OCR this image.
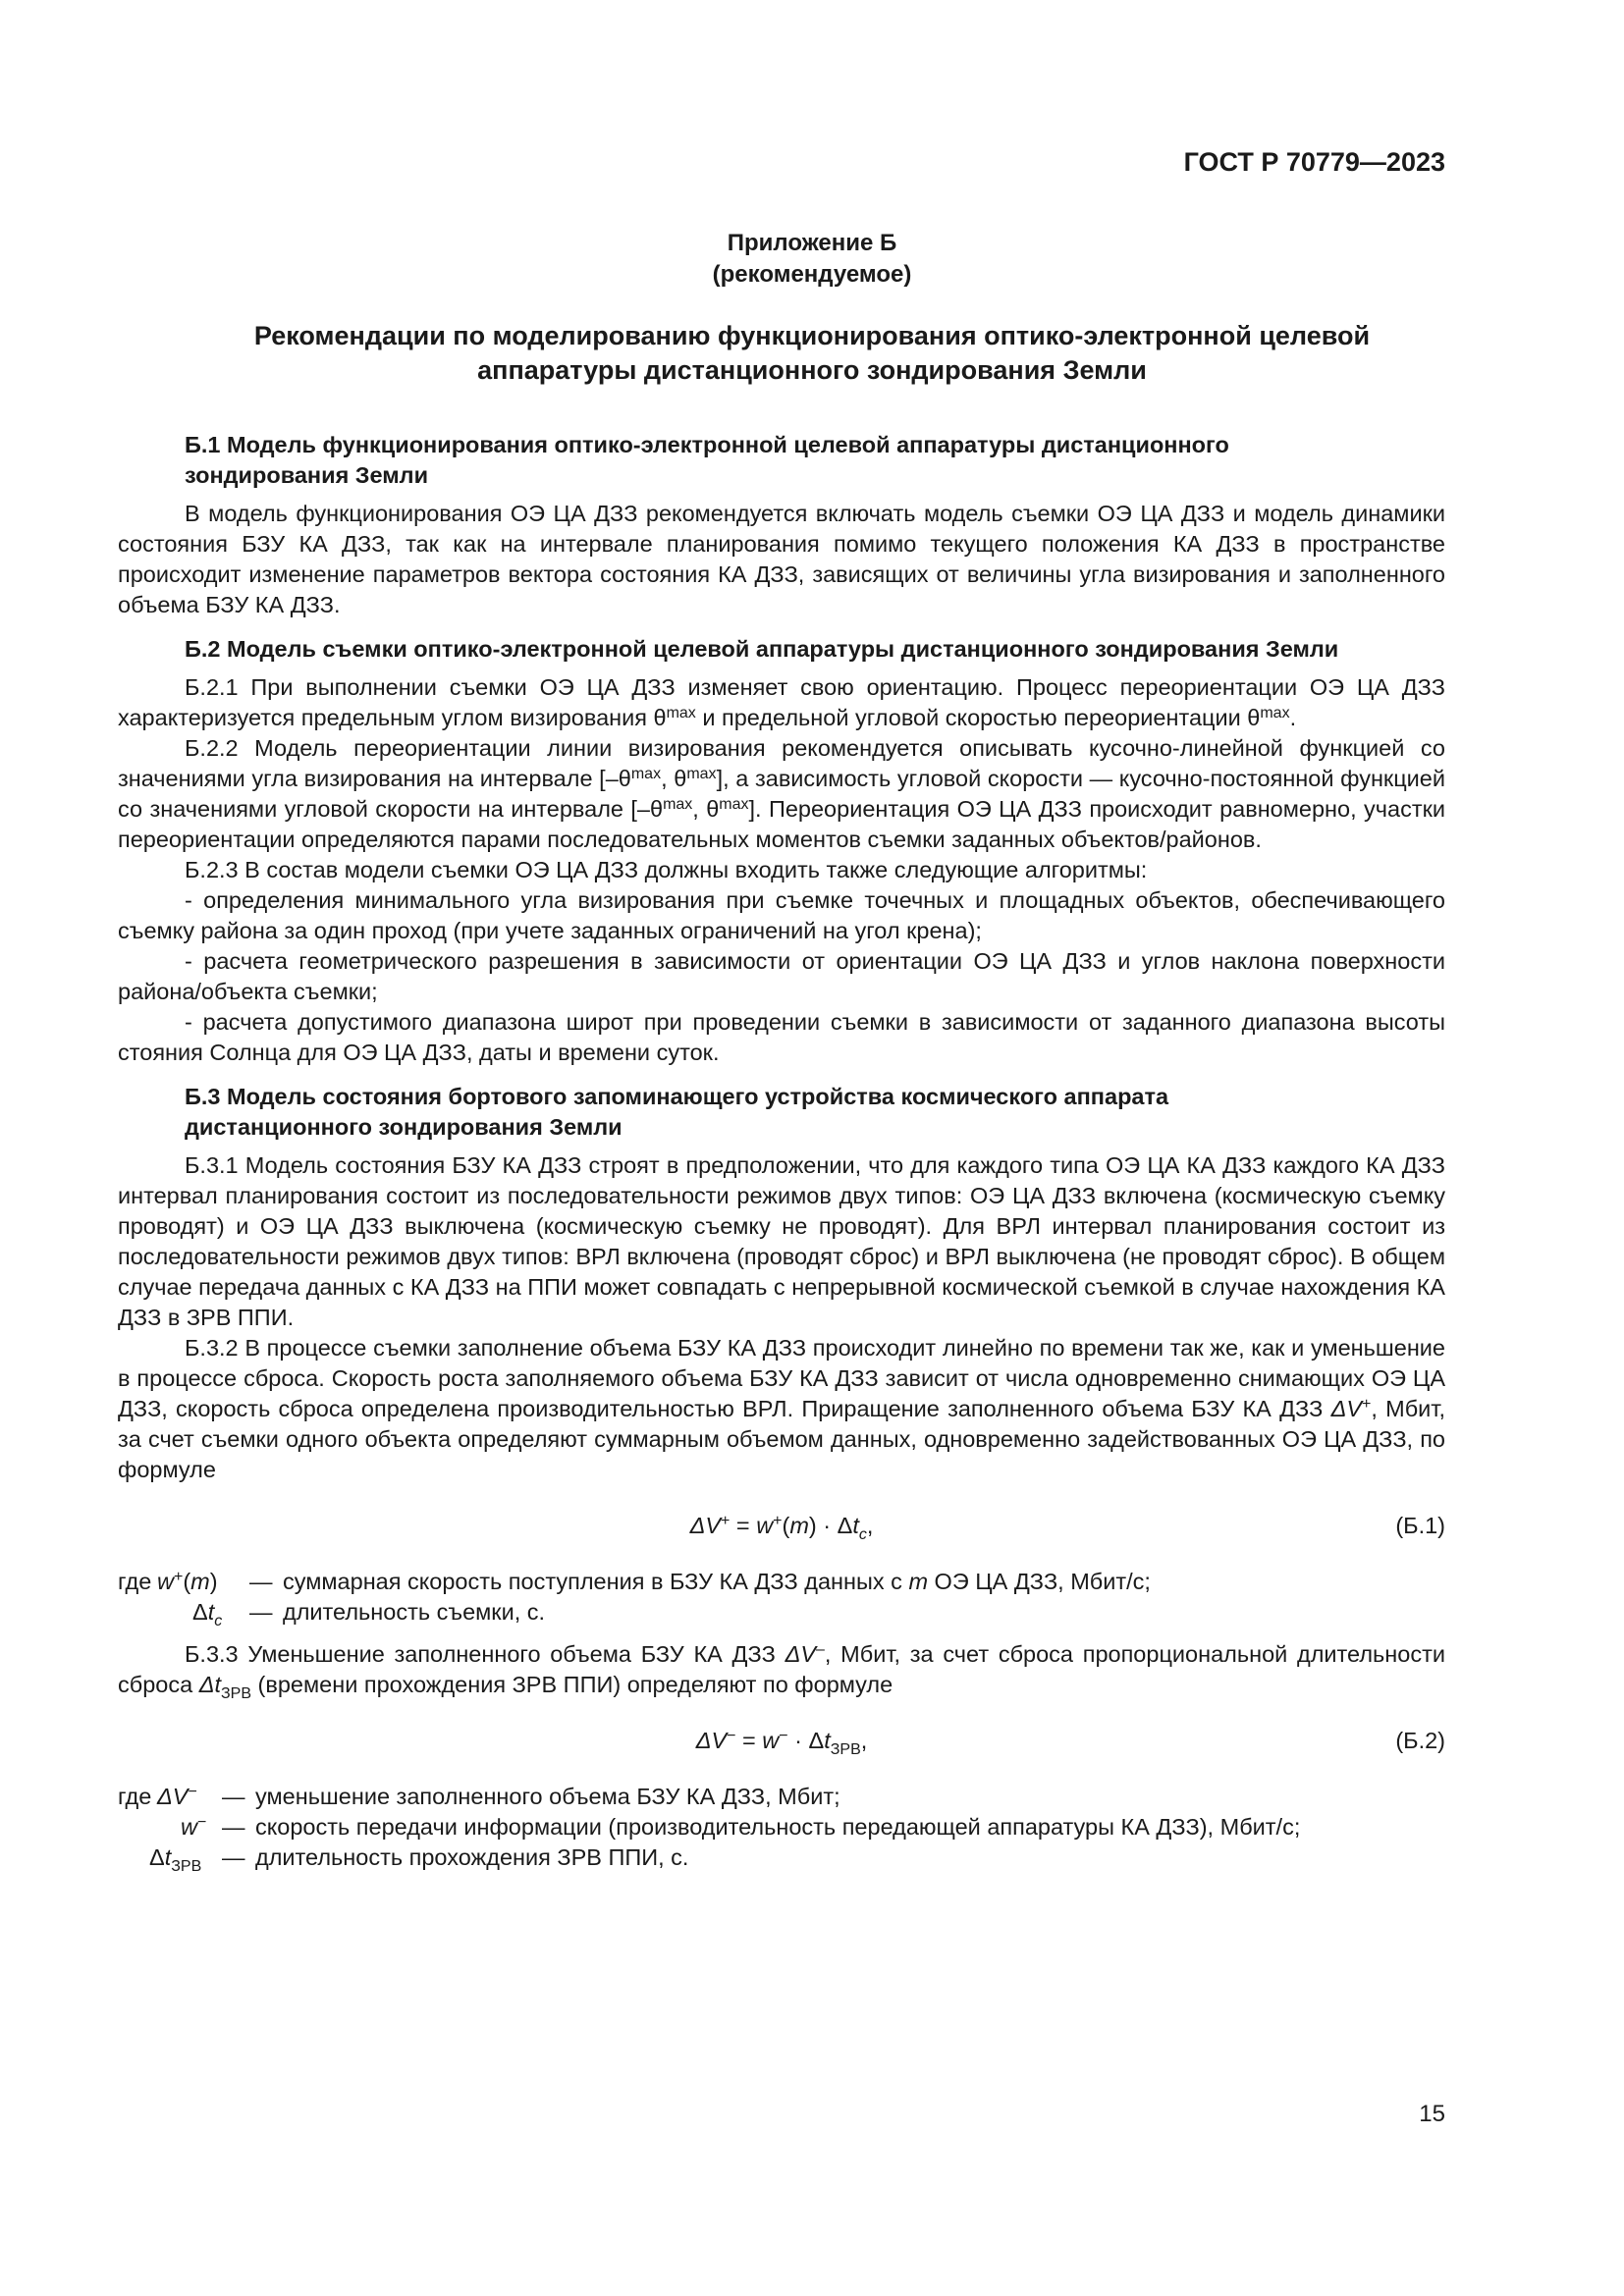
ГОСТ Р 70779—2023
Приложение Б
(рекомендуемое)
Рекомендации по моделированию функционирования оптико-электронной целевой
аппаратуры дистанционного зондирования Земли
Б.1 Модель функционирования оптико-электронной целевой аппаратуры дистанционного
зондирования Земли

В модель функционирования ОЭ ЦА ДЗЗ рекомендуется включать модель съемки ОЭ ЦА ДЗЗ и модель динамики состояния БЗУ КА ДЗЗ, так как на интервале планирования помимо текущего положения КА ДЗЗ в пространстве происходит изменение параметров вектора состояния КА ДЗЗ, зависящих от величины угла визирования и заполненного объема БЗУ КА ДЗЗ.

Б.2 Модель съемки оптико-электронной целевой аппаратуры дистанционного зондирования Земли

Б.2.1 При выполнении съемки ОЭ ЦА ДЗЗ изменяет свою ориентацию. Процесс переориентации ОЭ ЦА ДЗЗ характеризуется предельным углом визирования $\theta^{max}$ и предельной угловой скоростью переориентации $\theta^{max}$.

Б.2.2 Модель переориентации линии визирования рекомендуется описывать кусочно-линейной функцией со значениями угла визирования на интервале [$-\theta^{max}$, $\theta^{max}$], а зависимость угловой скорости — кусочно-постоянной функцией со значениями угловой скорости на интервале [$-\theta^{max}$, $\theta^{max}$]. Переориентация ОЭ ЦА ДЗЗ происходит равномерно, участки переориентации определяются парами последовательных моментов съемки заданных объектов/районов.

Б.2.3 В состав модели съемки ОЭ ЦА ДЗЗ должны входить также следующие алгоритмы:

- определения минимального угла визирования при съемке точечных и площадных объектов, обеспечивающего съемку района за один проход (при учете заданных ограничений на угол крена);

- расчета геометрического разрешения в зависимости от ориентации ОЭ ЦА ДЗЗ и углов наклона поверхности района/объекта съемки;

- расчета допустимого диапазона широт при проведении съемки в зависимости от заданного диапазона высоты стояния Солнца для ОЭ ЦА ДЗЗ, даты и времени суток.

Б.3 Модель состояния бортового запоминающего устройства космического аппарата
дистанционного зондирования Земли

Б.3.1 Модель состояния БЗУ КА ДЗЗ строят в предположении, что для каждого типа ОЭ ЦА КА ДЗЗ каждого КА ДЗЗ интервал планирования состоит из последовательности режимов двух типов: ОЭ ЦА ДЗЗ включена (космическую съемку проводят) и ОЭ ЦА ДЗЗ выключена (космическую съемку не проводят). Для ВРЛ интервал планирования состоит из последовательности режимов двух типов: ВРЛ включена (проводят сброс) и ВРЛ выключена (не проводят сброс). В общем случае передача данных с КА ДЗЗ на ППИ может совпадать с непрерывной космической съемкой в случае нахождения КА ДЗЗ в ЗРВ ППИ.

Б.3.2 В процессе съемки заполнение объема БЗУ КА ДЗЗ происходит линейно по времени так же, как и уменьшение в процессе сброса. Скорость роста заполняемого объема БЗУ КА ДЗЗ зависит от числа одновременно снимающих ОЭ ЦА ДЗЗ, скорость сброса определена производительностью ВРЛ. Приращение заполненного объема БЗУ КА ДЗЗ ΔV+, Мбит, за счет съемки одного объекта определяют суммарным объемом данных, одновременно задействованных ОЭ ЦА ДЗЗ, по формуле

$\Delta V^+ = w^+(m) \cdot \Delta t_c$,	(Б.1)
где w+(m) — суммарная скорость поступления в БЗУ КА ДЗЗ данных с m ОЭ ЦА ДЗЗ, Мбит/с;
$\Delta t_c$ — длительность съемки, с.

Б.3.3 Уменьшение заполненного объема БЗУ КА ДЗЗ ΔV–, Мбит, за счет сброса пропорциональной длительности сброса $\Delta t_{ЗРВ}$ (времени прохождения ЗРВ ППИ) определяют по формуле

$\Delta V^- = w^- \cdot \Delta t_{ЗРВ}$,	(Б.2)
где ΔV− — уменьшение заполненного объема БЗУ КА ДЗЗ, Мбит;
w− — скорость передачи информации (производительность передающей аппаратуры КА ДЗЗ), Мбит/с;
$\Delta t_{ЗРВ}$ — длительность прохождения ЗРВ ППИ, с.
15
